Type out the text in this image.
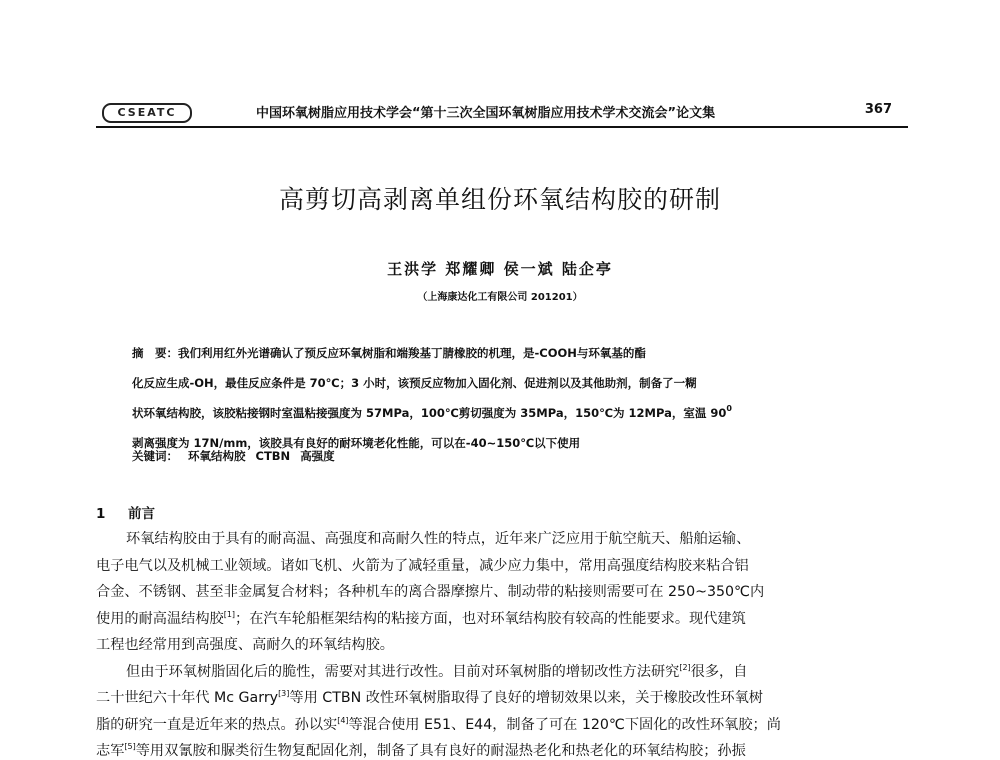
CSEATC	中国环氧树脂应用技术学会“第十三次全国环氧树脂应用技术学术交流会”论文集	367
高剪切高剥离单组份环氧结构胶的研制
王洪学 郑耀卿 侯一斌 陆企亭
（上海康达化工有限公司 201201）
摘　要：我们利用红外光谱确认了预反应环氧树脂和端羧基丁腈橡胶的机理，是-COOH与环氧基的酯
化反应生成-OH，最佳反应条件是 70℃；3 小时，该预反应物加入固化剂、促进剂以及其他助剂，制备了一糊
状环氧结构胶，该胶粘接钢时室温粘接强度为 57MPa，100℃剪切强度为 35MPa，150℃为 12MPa，室温 $90^0$
剥离强度为 17N/mm，该胶具有良好的耐环境老化性能，可以在-40~150℃以下使用
关键词： 环氧结构胶 CTBN 高强度
1 前言
环氧结构胶由于具有的耐高温、高强度和高耐久性的特点，近年来广泛应用于航空航天、船舶运输、
电子电气以及机械工业领域。诸如飞机、火箭为了减轻重量，减少应力集中，常用高强度结构胶来粘合铝
合金、不锈钢、甚至非金属复合材料；各种机车的离合器摩擦片、制动带的粘接则需要可在 250~350℃内
使用的耐高温结构胶[1]；在汽车轮船框架结构的粘接方面，也对环氧结构胶有较高的性能要求。现代建筑
工程也经常用到高强度、高耐久的环氧结构胶。
但由于环氧树脂固化后的脆性，需要对其进行改性。目前对环氧树脂的增韧改性方法研究[2]很多，自
二十世纪六十年代 Mc Garry[3]等用 CTBN 改性环氧树脂取得了良好的增韧效果以来，关于橡胶改性环氧树
脂的研究一直是近年来的热点。孙以实[4]等混合使用 E51、E44，制备了可在 120℃下固化的改性环氧胶；尚
志军[5]等用双氰胺和脲类衍生物复配固化剂，制备了具有良好的耐湿热老化和热老化的环氧结构胶；孙振
